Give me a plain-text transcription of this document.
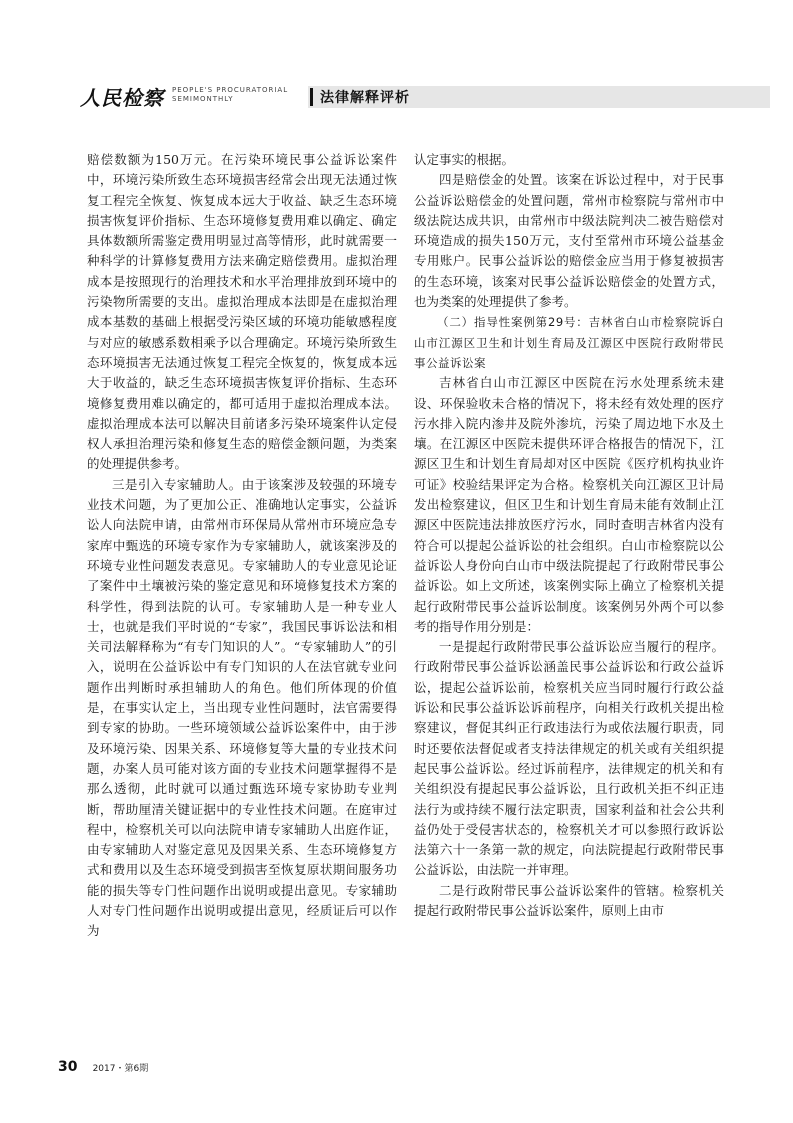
人民检察 PEOPLE'S PROCURATORIAL
SEMIMONTHLY	法律解释评析

赔偿数额为150万元。在污染环境民事公益诉讼案件中，环境污染所致生态环境损害经常会出现无法通过恢复工程完全恢复、恢复成本远大于收益、缺乏生态环境损害恢复评价指标、生态环境修复费用难以确定、确定具体数额所需鉴定费用明显过高等情形，此时就需要一种科学的计算修复费用方法来确定赔偿费用。虚拟治理成本是按照现行的治理技术和水平治理排放到环境中的污染物所需要的支出。虚拟治理成本法即是在虚拟治理成本基数的基础上根据受污染区域的环境功能敏感程度与对应的敏感系数相乘予以合理确定。环境污染所致生态环境损害无法通过恢复工程完全恢复的，恢复成本远大于收益的，缺乏生态环境损害恢复评价指标、生态环境修复费用难以确定的，都可适用于虚拟治理成本法。虚拟治理成本法可以解决目前诸多污染环境案件认定侵权人承担治理污染和修复生态的赔偿金额问题，为类案的处理提供参考。

三是引入专家辅助人。由于该案涉及较强的环境专业技术问题，为了更加公正、准确地认定事实，公益诉讼人向法院申请，由常州市环保局从常州市环境应急专家库中甄选的环境专家作为专家辅助人，就该案涉及的环境专业性问题发表意见。专家辅助人的专业意见论证了案件中土壤被污染的鉴定意见和环境修复技术方案的科学性，得到法院的认可。专家辅助人是一种专业人士，也就是我们平时说的“专家”，我国民事诉讼法和相关司法解释称为“有专门知识的人”。“专家辅助人”的引入，说明在公益诉讼中有专门知识的人在法官就专业问题作出判断时承担辅助人的角色。他们所体现的价值是，在事实认定上，当出现专业性问题时，法官需要得到专家的协助。一些环境领域公益诉讼案件中，由于涉及环境污染、因果关系、环境修复等大量的专业技术问题，办案人员可能对该方面的专业技术问题掌握得不是那么透彻，此时就可以通过甄选环境专家协助专业判断，帮助厘清关键证据中的专业性技术问题。在庭审过程中，检察机关可以向法院申请专家辅助人出庭作证，由专家辅助人对鉴定意见及因果关系、生态环境修复方式和费用以及生态环境受到损害至恢复原状期间服务功能的损失等专门性问题作出说明或提出意见。专家辅助人对专门性问题作出说明或提出意见，经质证后可以作为

认定事实的根据。

四是赔偿金的处置。该案在诉讼过程中，对于民事公益诉讼赔偿金的处置问题，常州市检察院与常州市中级法院达成共识，由常州市中级法院判决二被告赔偿对环境造成的损失150万元，支付至常州市环境公益基金专用账户。民事公益诉讼的赔偿金应当用于修复被损害的生态环境，该案对民事公益诉讼赔偿金的处置方式，也为类案的处理提供了参考。

（二）指导性案例第29号：吉林省白山市检察院诉白山市江源区卫生和计划生育局及江源区中医院行政附带民事公益诉讼案

吉林省白山市江源区中医院在污水处理系统未建设、环保验收未合格的情况下，将未经有效处理的医疗污水排入院内渗井及院外渗坑，污染了周边地下水及土壤。在江源区中医院未提供环评合格报告的情况下，江源区卫生和计划生育局却对区中医院《医疗机构执业许可证》校验结果评定为合格。检察机关向江源区卫计局发出检察建议，但区卫生和计划生育局未能有效制止江源区中医院违法排放医疗污水，同时查明吉林省内没有符合可以提起公益诉讼的社会组织。白山市检察院以公益诉讼人身份向白山市中级法院提起了行政附带民事公益诉讼。如上文所述，该案例实际上确立了检察机关提起行政附带民事公益诉讼制度。该案例另外两个可以参考的指导作用分别是：

一是提起行政附带民事公益诉讼应当履行的程序。行政附带民事公益诉讼涵盖民事公益诉讼和行政公益诉讼，提起公益诉讼前，检察机关应当同时履行行政公益诉讼和民事公益诉讼诉前程序，向相关行政机关提出检察建议，督促其纠正行政违法行为或依法履行职责，同时还要依法督促或者支持法律规定的机关或有关组织提起民事公益诉讼。经过诉前程序，法律规定的机关和有关组织没有提起民事公益诉讼，且行政机关拒不纠正违法行为或持续不履行法定职责，国家利益和社会公共利益仍处于受侵害状态的，检察机关才可以参照行政诉讼法第六十一条第一款的规定，向法院提起行政附带民事公益诉讼，由法院一并审理。

二是行政附带民事公益诉讼案件的管辖。检察机关提起行政附带民事公益诉讼案件，原则上由市

30 2017・第6期
